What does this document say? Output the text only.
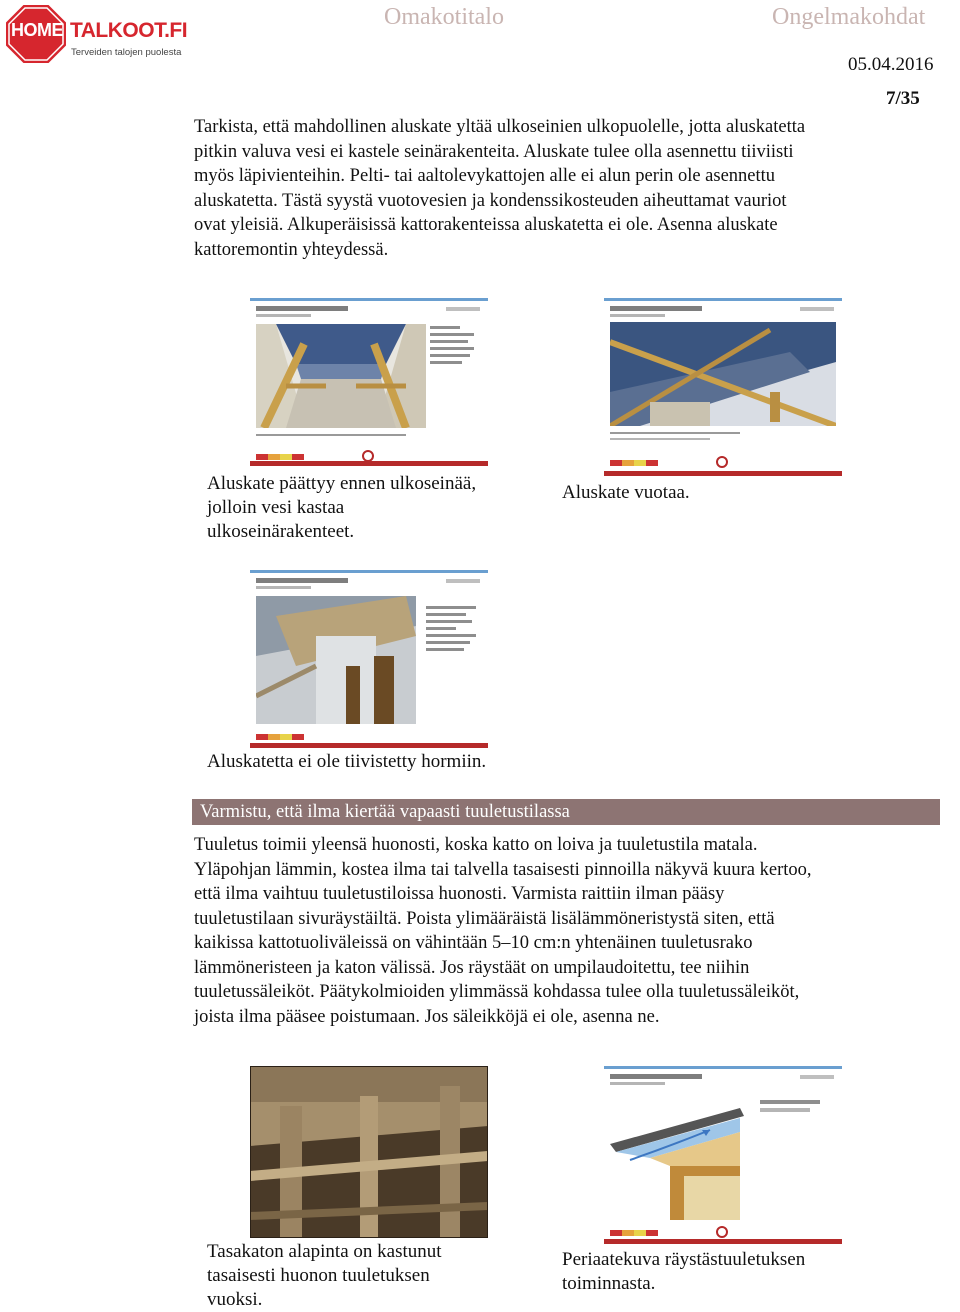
HOME TALKOOT.FI
Terveiden talojen puolesta
Omakotitalo	Ongelmakohdat
05.04.2016
7/35
Tarkista, että mahdollinen aluskate yltää ulkoseinien ulkopuolelle, jotta aluskatetta
pitkin valuva vesi ei kastele seinärakenteita. Aluskate tulee olla asennettu tiiviisti
myös läpivienteihin. Pelti- tai aaltolevykattojen alle ei alun perin ole asennettu
aluskatetta. Tästä syystä vuotovesien ja kondenssikosteuden aiheuttamat vauriot
ovat yleisiä. Alkuperäisissä kattorakenteissa aluskatetta ei ole. Asenna aluskate
kattoremontin yhteydessä.
Aluskate päättyy ennen ulkoseinää,
jolloin vesi kastaa
ulkoseinärakenteet.
Aluskate vuotaa.
Aluskatetta ei ole tiivistetty hormiin.
Varmistu, että ilma kiertää vapaasti tuuletustilassa
Tuuletus toimii yleensä huonosti, koska katto on loiva ja tuuletustila matala.
Yläpohjan lämmin, kostea ilma tai talvella tasaisesti pinnoilla näkyvä kuura kertoo,
että ilma vaihtuu tuuletustiloissa huonosti. Varmista raittiin ilman pääsy
tuuletustilaan sivuräystäiltä. Poista ylimääräistä lisälämmöneristystä siten, että
kaikissa kattotuoliväleissä on vähintään 5–10 cm:n yhtenäinen tuuletusrako
lämmöneristeen ja katon välissä. Jos räystäät on umpilaudoitettu, tee niihin
tuuletussäleiköt. Päätykolmioiden ylimmässä kohdassa tulee olla tuuletussäleiköt,
joista ilma pääsee poistumaan. Jos säleikköjä ei ole, asenna ne.
Tasakaton alapinta on kastunut
tasaisesti huonon tuuletuksen
vuoksi.
Periaatekuva räystästuuletuksen
toiminnasta.
